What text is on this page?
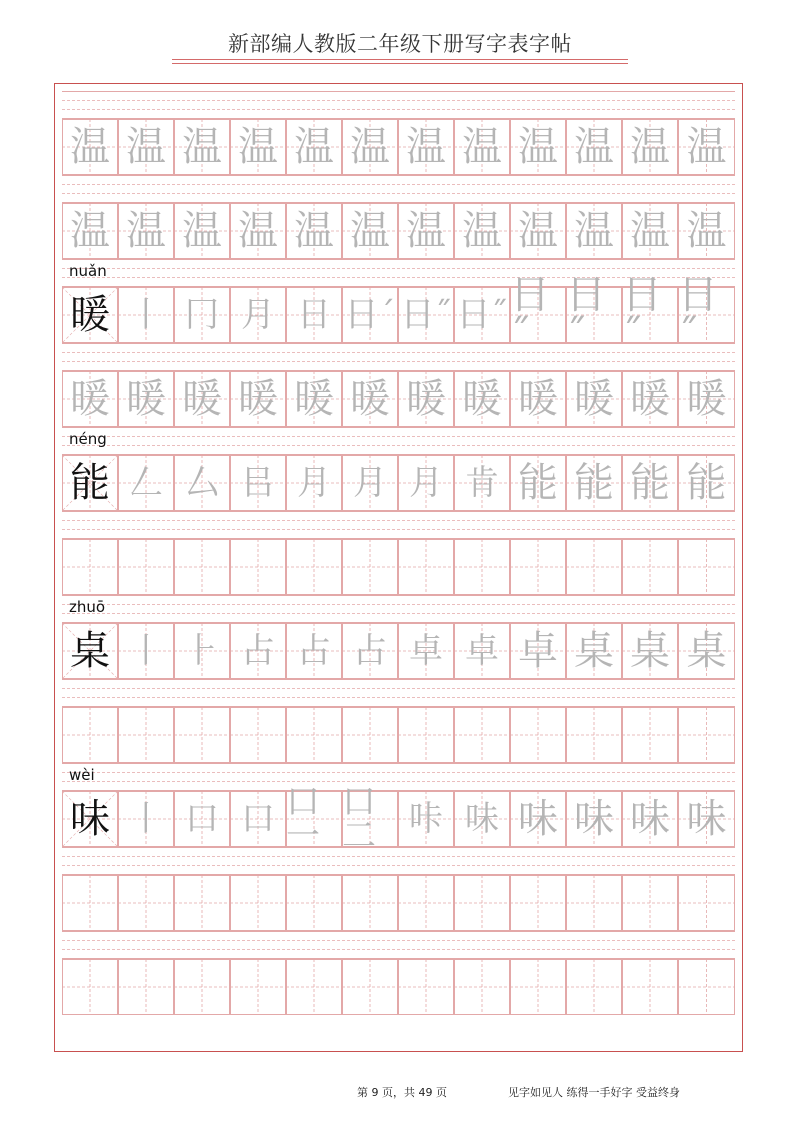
新部编人教版二年级下册写字表字帖
温 温 温 温 温 温 温 温 温 温 温 温
温 温 温 温 温 温 温 温 温 温 温 温
nuǎn
暖 丨 冂 月 日 日´ 日˝ 日˝ 日˝
日˝
日˝
日˝
暖 暖 暖 暖 暖 暖 暖 暖 暖 暖 暖 暖
néng
能 𠃋 厶 㠯 月 月 月 肯 能 能 能 能
zhuō
桌 丨 ⺊ 占 占 占 卓 卓 卓 桌 桌 桌
wèi
味 丨 口 口 口一
口二 咔 味 味 味 味 味
第 9 页，共 49 页	见字如见人 练得一手好字 受益终身
